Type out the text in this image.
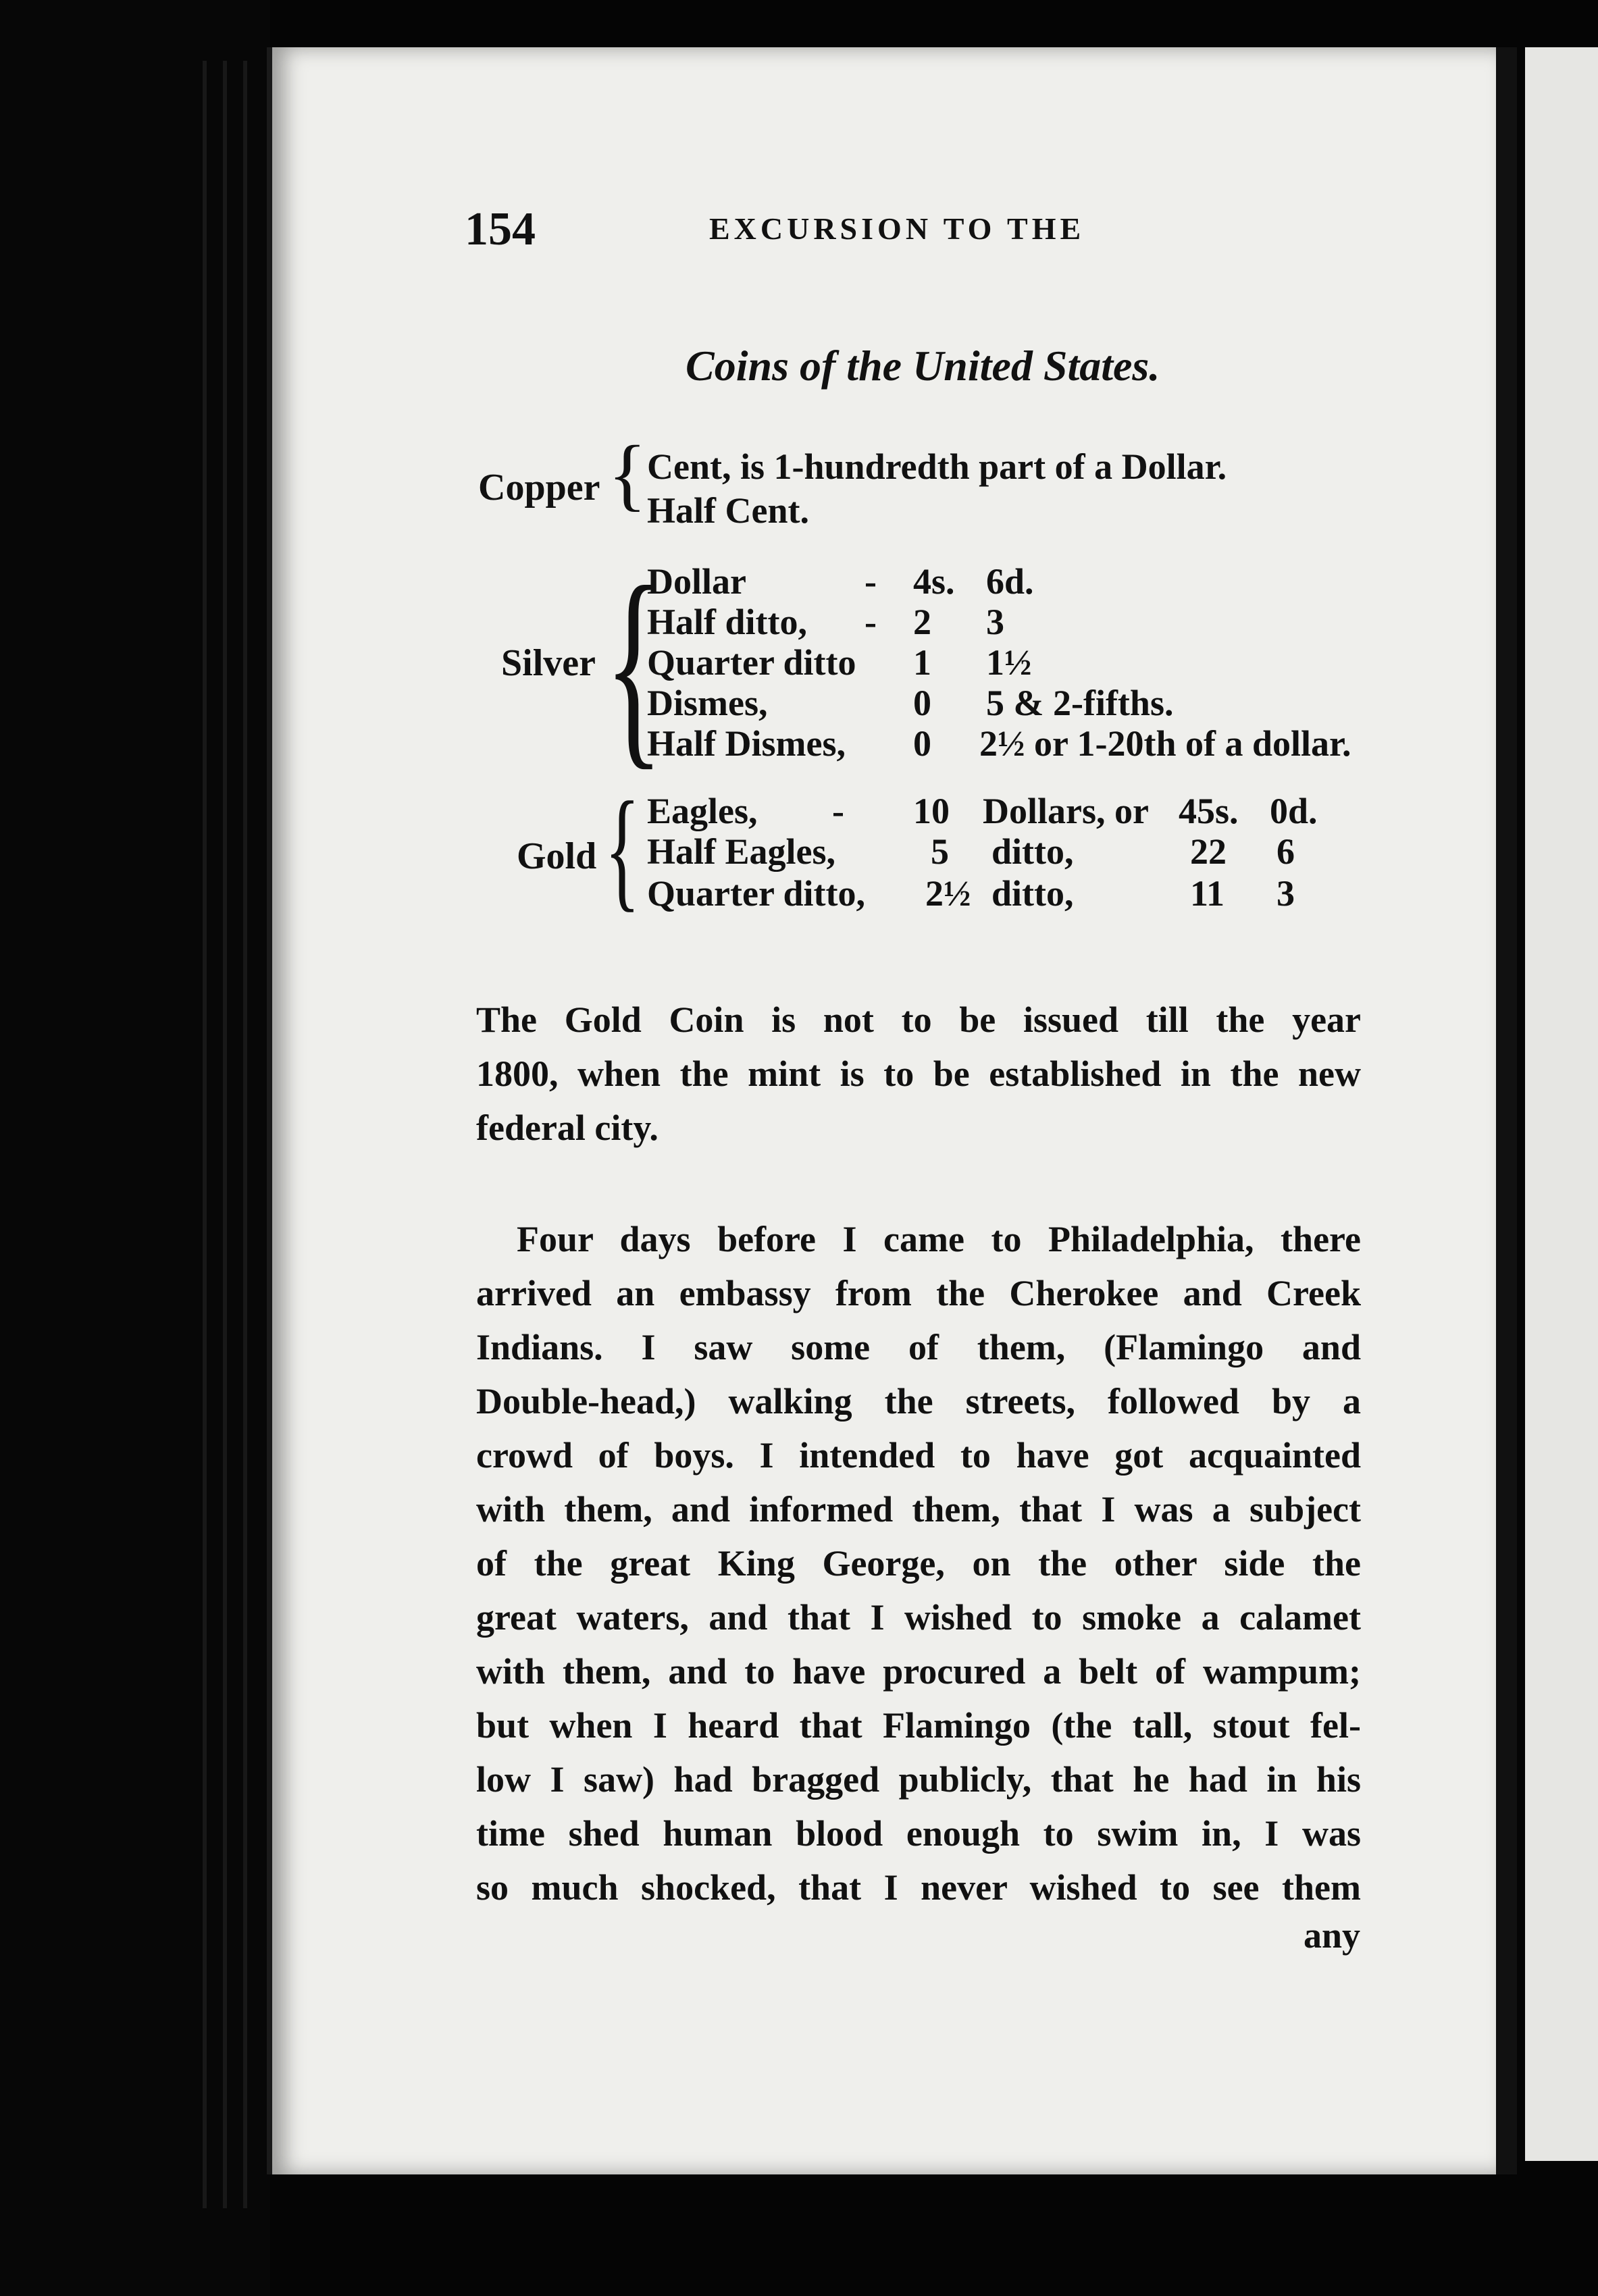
154	EXCURSION TO THE
Coins of the United States.
Copper { Cent, is 1-hundredth part of a Dollar.
Half Cent.
Silver {
Dollar	- 4s. 6d.
Half ditto, - 2 3
Quarter ditto 1 1½
Dismes,	0 5 & 2-fifths.
Half Dismes, 0 2½ or 1-20th of a dollar.
Gold { Eagles, - 10 Dollars, or 45s. 0d.
Half Eagles,	5 ditto,	22 6
Quarter ditto, 2½ ditto,	11 3
The Gold Coin is not to be issued till the year
1800, when the mint is to be established in the new
federal city.
Four days before I came to Philadelphia, there
arrived an embassy from the Cherokee and Creek
Indians. I saw some of them, (Flamingo and
Double-head,) walking the streets, followed by a
crowd of boys. I intended to have got acquainted
with them, and informed them, that I was a subject
of the great King George, on the other side the
great waters, and that I wished to smoke a calamet
with them, and to have procured a belt of wampum;
but when I heard that Flamingo (the tall, stout fel-
low I saw) had bragged publicly, that he had in his
time shed human blood enough to swim in, I was
so much shocked, that I never wished to see them
any
